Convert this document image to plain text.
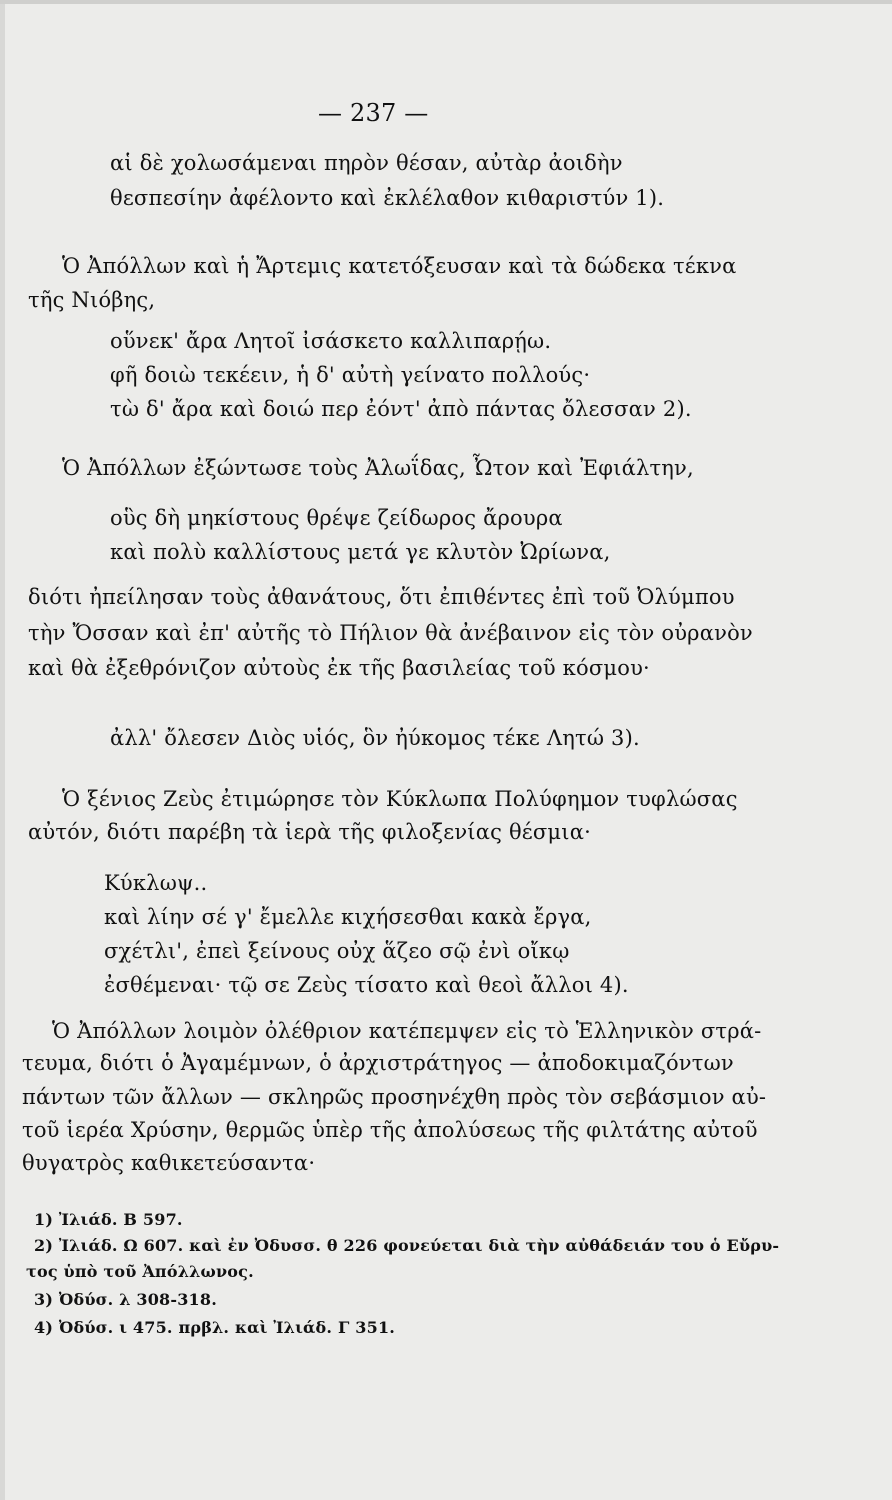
— 237 —
αἱ δὲ χολωσάμεναι πηρὸν θέσαν, αὐτὰρ ἀοιδὴν
θεσπεσίην ἀφέλοντο καὶ ἐκλέλαθον κιθαριστύν 1).
Ὁ Ἀπόλλων καὶ ἡ Ἄρτεμις κατετόξευσαν καὶ τὰ δώδεκα τέκνα
τῆς Νιόβης,
οὕνεκ' ἄρα Λητοῖ ἰσάσκετο καλλιπαρῄω.
φῆ δοιὼ τεκέειν, ἡ δ' αὐτὴ γείνατο πολλούς·
τὼ δ' ἄρα καὶ δοιώ περ ἐόντ' ἀπὸ πάντας ὄλεσσαν 2).
Ὁ Ἀπόλλων ἐξώντωσε τοὺς Ἀλωΐδας, Ὦτον καὶ Ἐφιάλτην,
οὓς δὴ μηκίστους θρέψε ζείδωρος ἄρουρα
καὶ πολὺ καλλίστους μετά γε κλυτὸν Ὠρίωνα,
διότι ἠπείλησαν τοὺς ἀθανάτους, ὅτι ἐπιθέντες ἐπὶ τοῦ Ὀλύμπου
τὴν Ὄσσαν καὶ ἐπ' αὐτῆς τὸ Πήλιον θὰ ἀνέβαινον εἰς τὸν οὐρανὸν
καὶ θὰ ἐξεθρόνιζον αὐτοὺς ἐκ τῆς βασιλείας τοῦ κόσμου·
ἀλλ' ὄλεσεν Διὸς υἱός, ὃν ἠύκομος τέκε Λητώ 3).
Ὁ ξένιος Ζεὺς ἐτιμώρησε τὸν Κύκλωπα Πολύφημον τυφλώσας
αὐτόν, διότι παρέβη τὰ ἱερὰ τῆς φιλοξενίας θέσμια·
Κύκλωψ..
καὶ λίην σέ γ' ἔμελλε κιχήσεσθαι κακὰ ἔργα,
σχέτλι', ἐπεὶ ξείνους οὐχ ἅζεο σῷ ἐνὶ οἴκῳ
ἐσθέμεναι· τῷ σε Ζεὺς τίσατο καὶ θεοὶ ἄλλοι 4).
Ὁ Ἀπόλλων λοιμὸν ὀλέθριον κατέπεμψεν εἰς τὸ Ἑλληνικὸν στρά-
τευμα, διότι ὁ Ἀγαμέμνων, ὁ ἀρχιστράτηγος — ἀποδοκιμαζόντων
πάντων τῶν ἄλλων — σκληρῶς προσηνέχθη πρὸς τὸν σεβάσμιον αὐ-
τοῦ ἱερέα Χρύσην, θερμῶς ὑπὲρ τῆς ἀπολύσεως τῆς φιλτάτης αὐτοῦ
θυγατρὸς καθικετεύσαντα·
1) Ἰλιάδ. Β 597.
2) Ἰλιάδ. Ω 607. καὶ ἐν Ὀδυσσ. θ 226 φονεύεται διὰ τὴν αὐθάδειάν του ὁ Εὔρυ-
τος ὑπὸ τοῦ Ἀπόλλωνος.
3) Ὀδύσ. λ 308-318.
4) Ὀδύσ. ι 475. πρβλ. καὶ Ἰλιάδ. Γ 351.
